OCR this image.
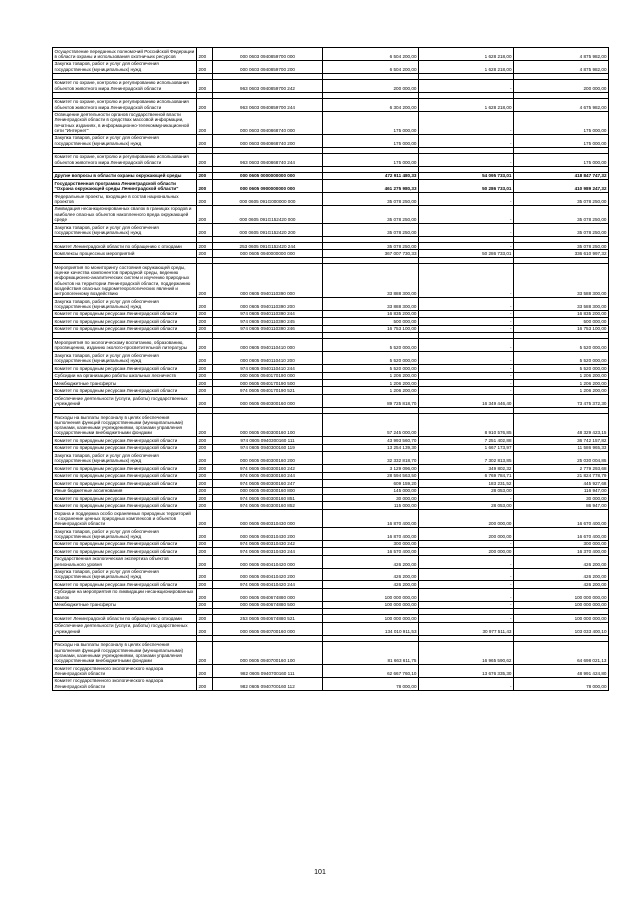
Осуществление переданных полномочий Российской Федерации в области охраны и использования охотничьих ресурсов	200	000 0603 0940859700 000	6 504 200,00	1 628 218,00	4 875 982,00
Закупка товаров, работ и услуг для обеспечения государственных (муниципальных) нужд	200	000 0603 0940859700 200	6 504 200,00	1 628 218,00	4 875 982,00

Комитет по охране, контролю и регулированию использования объектов животного мира Ленинградской области	200	963 0603 0940859700 242	200 000,00	-	200 000,00

Комитет по охране, контролю и регулированию использования объектов животного мира Ленинградской области	200	963 0603 0940859700 244	6 304 200,00	1 628 218,00	4 675 982,00
Освещение деятельности органов государственной власти Ленинградской области в средствах массовой информации, печатных изданиях, в информационно-телекоммуникационной сети "Интернет"	200	000 0603 0940868740 000	175 000,00	-	175 000,00
Закупка товаров, работ и услуг для обеспечения государственных (муниципальных) нужд	200	000 0603 0940868740 200	175 000,00	-	175 000,00

Комитет по охране, контролю и регулированию использования объектов животного мира Ленинградской области	200	963 0603 0940868740 244	175 000,00	-	175 000,00

Другие вопросы в области охраны окружающей среды	200	000 0605 0000000000 000	472 911 480,33	54 095 733,01	418 847 747,32
Государственная программа Ленинградской области "Охрана окружающей среды Ленинградской области"	200	000 0605 0900000000 000	461 275 980,33	50 286 733,01	410 989 247,32
Федеральные проекты, входящие в состав национальных проектов	200	000 0605 091G000000 000	35 078 250,00	-	35 078 250,00
Ликвидация несанкционированных свалок в границах городов и наиболее опасных объектов накопленного вреда окружающей среде	200	000 0605 091G152420 000	35 078 250,00	-	35 078 250,00
Закупка товаров, работ и услуг для обеспечения государственных (муниципальных) нужд	200	000 0605 091G152420 200	35 078 250,00	-	35 078 250,00

Комитет Ленинградской области по обращению с отходами	200	253 0605 091G152420 244	35 078 250,00	-	35 078 250,00
Комплексы процессных мероприятий	200	000 0605 0940000000 000	367 007 730,33	50 286 733,01	336 610 997,32

Мероприятия по мониторингу состояния окружающей среды, оценке качества компонентов природной среды, ведению информационно-аналитических систем и изучению природных объектов на территории Ленинградской области, поддержанию воздействия опасных гидрометеорологических явлений и антропогенному воздействию	200	000 0605 0940110390 000	33 888 300,00	-	33 588 300,00
Закупка товаров, работ и услуг для обеспечения государственных (муниципальных) нужд	200	000 0605 0940110390 200	33 888 300,00	-	33 588 300,00
Комитет по природным ресурсам Ленинградской области	200	974 0605 0940110390 244	16 835 200,00	-	16 835 200,00
Комитет по природным ресурсам Ленинградской области	200	974 0605 0940110390 245	500 000,00	-	500 000,00
Комитет по природным ресурсам Ленинградской области	200	974 0605 0940110390 246	16 753 100,00	-	16 753 100,00

Мероприятия по экологическому воспитанию, образованию, просвещению, изданию эколого-просветительной литературы	200	000 0605 0940110410 000	5 520 000,00	-	5 520 000,00
Закупка товаров, работ и услуг для обеспечения государственных (муниципальных) нужд	200	000 0605 0940110410 200	5 520 000,00	-	5 520 000,00
Комитет по природным ресурсам Ленинградской области	200	974 0605 0940110410 244	5 520 000,00	-	5 520 000,00
Субсидии на организацию работы школьных лесничеств	200	000 0605 0940170190 000	1 206 200,00	-	1 206 200,00
Межбюджетные трансферты	200	000 0605 0940170190 500	1 206 200,00	-	1 206 200,00
Комитет по природным ресурсам Ленинградской области	200	974 0605 0940170190 521	1 206 200,00	-	1 206 200,00
Обеспечение деятельности (услуги, работы) государственных учреждений	200	000 0605 0940300160 000	89 725 818,70	16 349 446,40	73 475 372,30

Расходы на выплаты персоналу в целях обеспечения выполнения функций государственными (муниципальными) органами, казенными учреждениями, органами управления государственными внебюджетными фондами	200	000 0605 0940300160 100	57 245 000,00	8 910 576,85	48 329 423,15
Комитет по природным ресурсам Ленинградской области	200	974 0605 0940300160 111	43 993 560,70	7 251 402,88	36 742 157,82
Комитет по природным ресурсам Ленинградской области	200	974 0605 0940300160 119	13 254 139,30	1 667 173,97	11 586 965,33
Закупка товаров, работ и услуг для обеспечения государственных (муниципальных) нужд	200	000 0605 0940300160 200	32 332 818,70	7 302 813,85	25 030 004,85
Комитет по природным ресурсам Ленинградской области	200	974 0605 0940300160 242	3 129 096,00	349 802,32	2 779 293,68
Комитет по природным ресурсам Ленинградской области	200	974 0605 0940300160 244	28 594 563,50	6 769 784,71	21 824 778,79
Комитет по природным ресурсам Ленинградской области	200	974 0605 0940300160 247	609 159,20	183 231,52	445 927,68
Иные бюджетные ассигнования	200	000 0605 0940300160 800	145 000,00	28 053,00	116 947,00
Комитет по природным ресурсам Ленинградской области	200	974 0605 0940300160 851	30 000,00	-	30 000,00
Комитет по природным ресурсам Ленинградской области	200	974 0605 0940300160 852	115 000,00	28 053,00	86 947,00
Охрана и поддержка особо охраняемых природных территорий и сохранение ценных природных комплексов и объектов Ленинградской области	200	000 0605 0940310430 000	16 870 400,00	200 000,00	16 670 400,00
Закупка товаров, работ и услуг для обеспечения государственных (муниципальных) нужд	200	000 0605 0940310430 200	16 870 400,00	200 000,00	16 670 400,00
Комитет по природным ресурсам Ленинградской области	200	974 0605 0940310430 242	300 000,00	-	300 000,00
Комитет по природным ресурсам Ленинградской области	200	974 0605 0940310430 244	16 570 400,00	200 000,00	16 370 400,00
Государственная экологическая экспертиза объектов регионального уровня	200	000 0605 0940410420 000	426 200,00	-	426 200,00
Закупка товаров, работ и услуг для обеспечения государственных (муниципальных) нужд	200	000 0605 0940410420 200	426 200,00	-	426 200,00
Комитет по природным ресурсам Ленинградской области	200	974 0605 0940410420 244	426 200,00	-	426 200,00
Субсидии на мероприятия по ликвидации несанкционированных свалок	200	000 0605 0940674880 000	100 000 000,00	-	100 000 000,00
Межбюджетные трансферты	200	000 0605 0940674880 500	100 000 000,00	-	100 000 000,00

Комитет Ленинградской области по обращению с отходами	200	253 0605 0940674880 521	100 000 000,00	-	100 000 000,00
Обеспечение деятельности (услуги, работы) государственных учреждений	200	000 0605 0940700160 000	134 010 911,53	30 977 511,43	103 033 400,10

Расходы на выплаты персоналу в целях обеспечения выполнения функций государственными (муниципальными) органами, казенными учреждениями, органами управления государственными внебюджетными фондами	200	000 0605 0940700160 100	81 663 611,75	16 965 590,62	64 698 021,13
Комитет государственного экологического надзора Ленинградской области	200	982 0605 0940700160 111	62 667 760,10	13 676 335,30	48 991 424,80
Комитет государственного экологического надзора Ленинградской области	200	982 0605 0940700160 112	78 000,00	-	78 000,00
101
